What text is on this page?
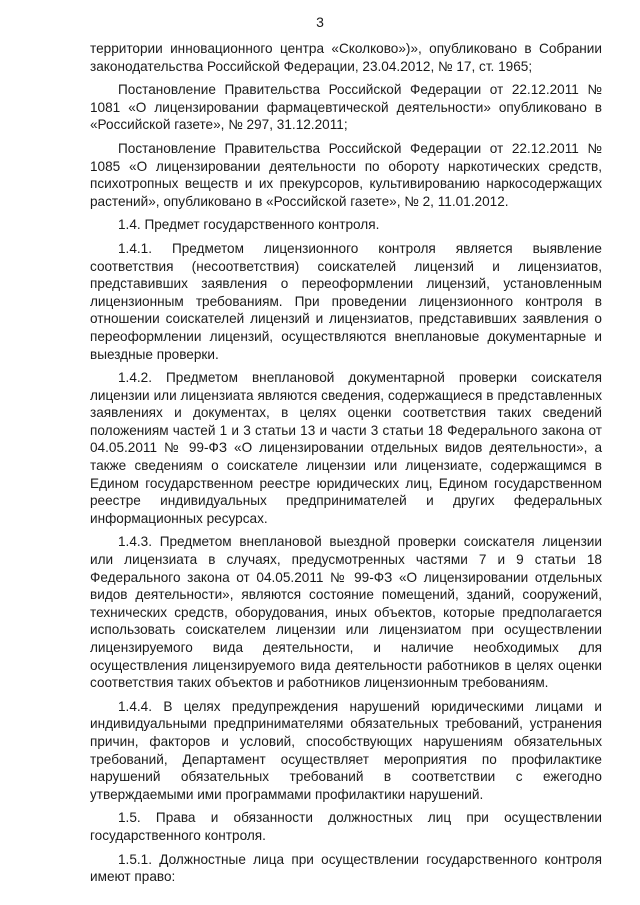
3

территории инновационного центра «Сколково»)», опубликовано в Собрании законодательства Российской Федерации, 23.04.2012, № 17, ст. 1965;

Постановление Правительства Российской Федерации от 22.12.2011 № 1081 «О лицензировании фармацевтической деятельности» опубликовано в «Российской газете», № 297, 31.12.2011;

Постановление Правительства Российской Федерации от 22.12.2011 № 1085 «О лицензировании деятельности по обороту наркотических средств, психотропных веществ и их прекурсоров, культивированию наркосодержащих растений», опубликовано в «Российской газете», № 2, 11.01.2012.

1.4. Предмет государственного контроля.

1.4.1. Предметом лицензионного контроля является выявление соответствия (несоответствия) соискателей лицензий и лицензиатов, представивших заявления о переоформлении лицензий, установленным лицензионным требованиям. При проведении лицензионного контроля в отношении соискателей лицензий и лицензиатов, представивших заявления о переоформлении лицензий, осуществляются внеплановые документарные и выездные проверки.

1.4.2. Предметом внеплановой документарной проверки соискателя лицензии или лицензиата являются сведения, содержащиеся в представленных заявлениях и документах, в целях оценки соответствия таких сведений положениям частей 1 и 3 статьи 13 и части 3 статьи 18 Федерального закона от 04.05.2011 № 99-ФЗ «О лицензировании отдельных видов деятельности», а также сведениям о соискателе лицензии или лицензиате, содержащимся в Едином государственном реестре юридических лиц, Едином государственном реестре индивидуальных предпринимателей и других федеральных информационных ресурсах.

1.4.3. Предметом внеплановой выездной проверки соискателя лицензии или лицензиата в случаях, предусмотренных частями 7 и 9 статьи 18 Федерального закона от 04.05.2011 № 99-ФЗ «О лицензировании отдельных видов деятельности», являются состояние помещений, зданий, сооружений, технических средств, оборудования, иных объектов, которые предполагается использовать соискателем лицензии или лицензиатом при осуществлении лицензируемого вида деятельности, и наличие необходимых для осуществления лицензируемого вида деятельности работников в целях оценки соответствия таких объектов и работников лицензионным требованиям.

1.4.4. В целях предупреждения нарушений юридическими лицами и индивидуальными предпринимателями обязательных требований, устранения причин, факторов и условий, способствующих нарушениям обязательных требований, Департамент осуществляет мероприятия по профилактике нарушений обязательных требований в соответствии с ежегодно утверждаемыми ими программами профилактики нарушений.

1.5. Права и обязанности должностных лиц при осуществлении государственного контроля.

1.5.1. Должностные лица при осуществлении государственного контроля имеют право:
